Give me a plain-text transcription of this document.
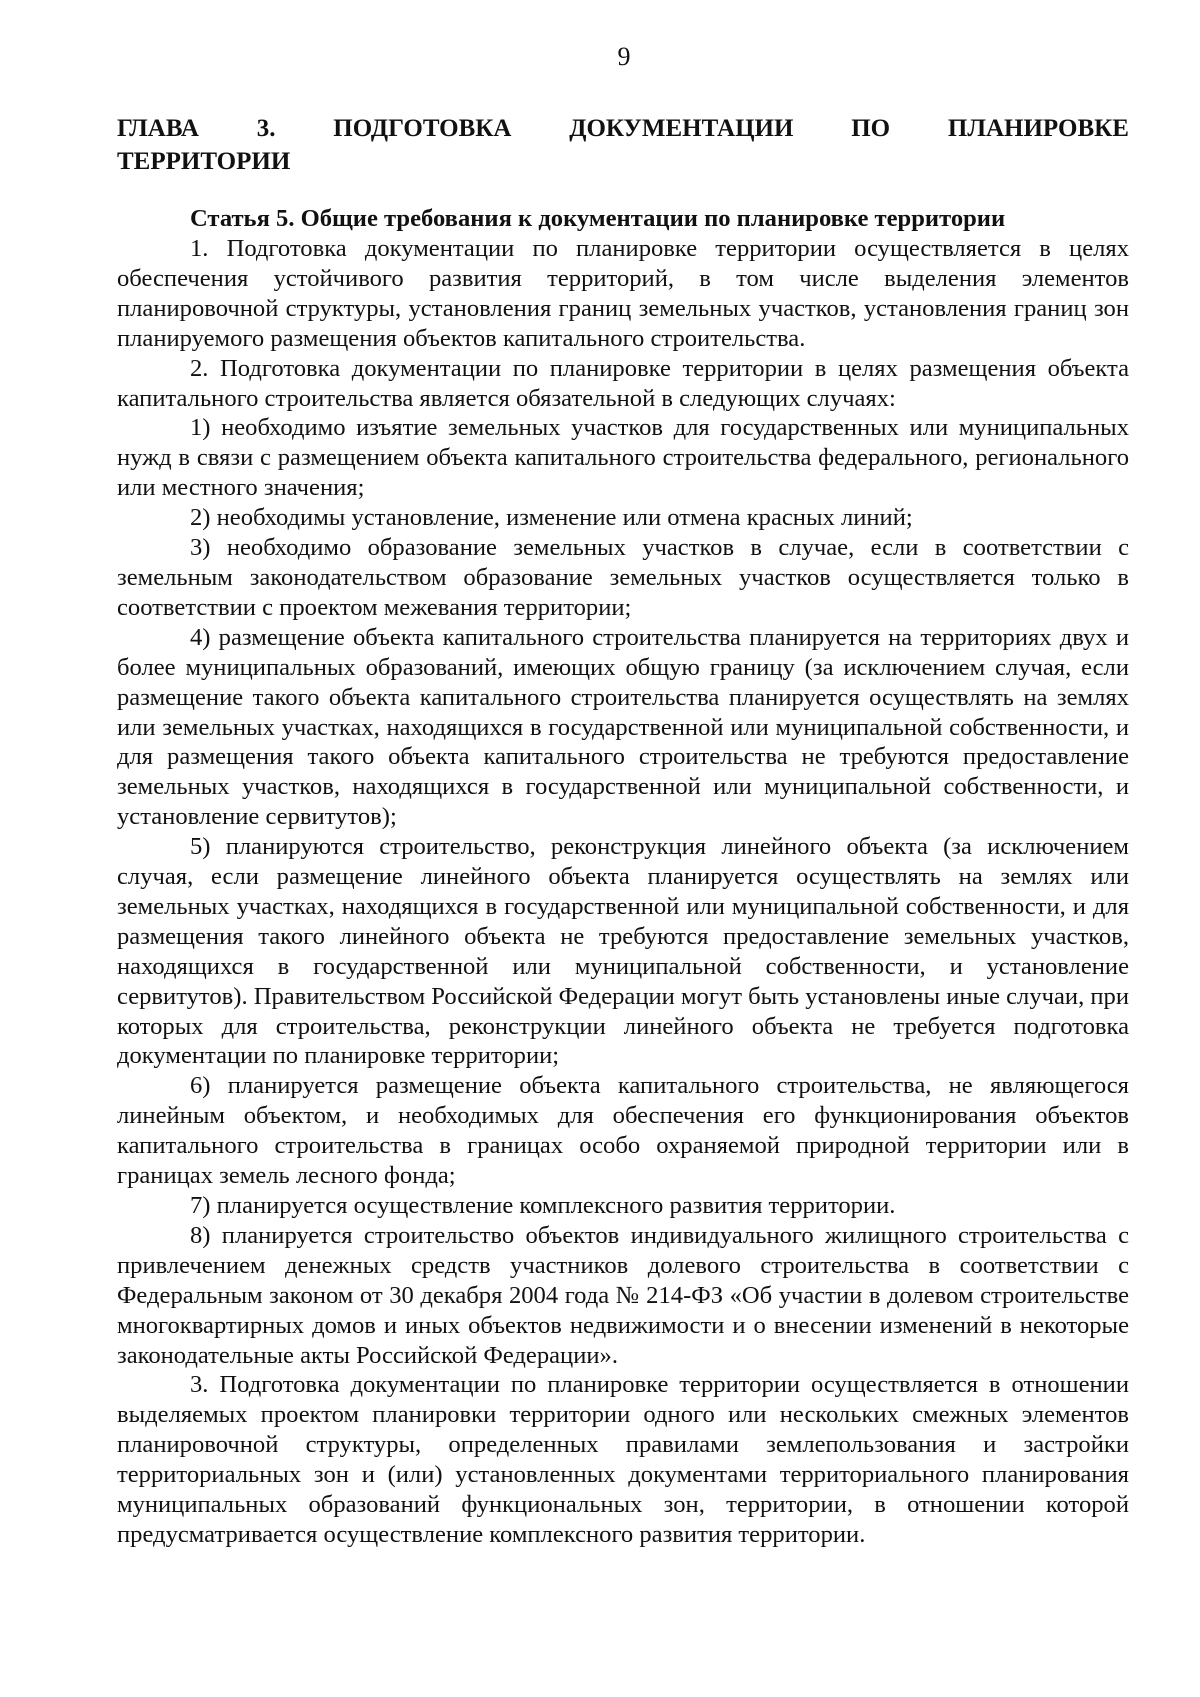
9
ГЛАВА 3. ПОДГОТОВКА ДОКУМЕНТАЦИИ ПО ПЛАНИРОВКЕ
ТЕРРИТОРИИ
Статья 5. Общие требования к документации по планировке территории

1. Подготовка документации по планировке территории осуществляется в целях обеспечения устойчивого развития территорий, в том числе выделения элементов планировочной структуры, установления границ земельных участков, установления границ зон планируемого размещения объектов капитального строительства.

2. Подготовка документации по планировке территории в целях размещения объекта капитального строительства является обязательной в следующих случаях:

1) необходимо изъятие земельных участков для государственных или муниципальных нужд в связи с размещением объекта капитального строительства федерального, регионального или местного значения;

2) необходимы установление, изменение или отмена красных линий;

3) необходимо образование земельных участков в случае, если в соответствии с земельным законодательством образование земельных участков осуществляется только в соответствии с проектом межевания территории;

4) размещение объекта капитального строительства планируется на территориях двух и более муниципальных образований, имеющих общую границу (за исключением случая, если размещение такого объекта капитального строительства планируется осуществлять на землях или земельных участках, находящихся в государственной или муниципальной собственности, и для размещения такого объекта капитального строительства не требуются предоставление земельных участков, находящихся в государственной или муниципальной собственности, и установление сервитутов);

5) планируются строительство, реконструкция линейного объекта (за исключением случая, если размещение линейного объекта планируется осуществлять на землях или земельных участках, находящихся в государственной или муниципальной собственности, и для размещения такого линейного объекта не требуются предоставление земельных участков, находящихся в государственной или муниципальной собственности, и установление сервитутов). Правительством Российской Федерации могут быть установлены иные случаи, при которых для строительства, реконструкции линейного объекта не требуется подготовка документации по планировке территории;

6) планируется размещение объекта капитального строительства, не являющегося линейным объектом, и необходимых для обеспечения его функционирования объектов капитального строительства в границах особо охраняемой природной территории или в границах земель лесного фонда;

7) планируется осуществление комплексного развития территории.

8) планируется строительство объектов индивидуального жилищного строительства с привлечением денежных средств участников долевого строительства в соответствии с Федеральным законом от 30 декабря 2004 года № 214-ФЗ «Об участии в долевом строительстве многоквартирных домов и иных объектов недвижимости и о внесении изменений в некоторые законодательные акты Российской Федерации».

3. Подготовка документации по планировке территории осуществляется в отношении выделяемых проектом планировки территории одного или нескольких смежных элементов планировочной структуры, определенных правилами землепользования и застройки территориальных зон и (или) установленных документами территориального планирования муниципальных образований функциональных зон, территории, в отношении которой предусматривается осуществление комплексного развития территории.
